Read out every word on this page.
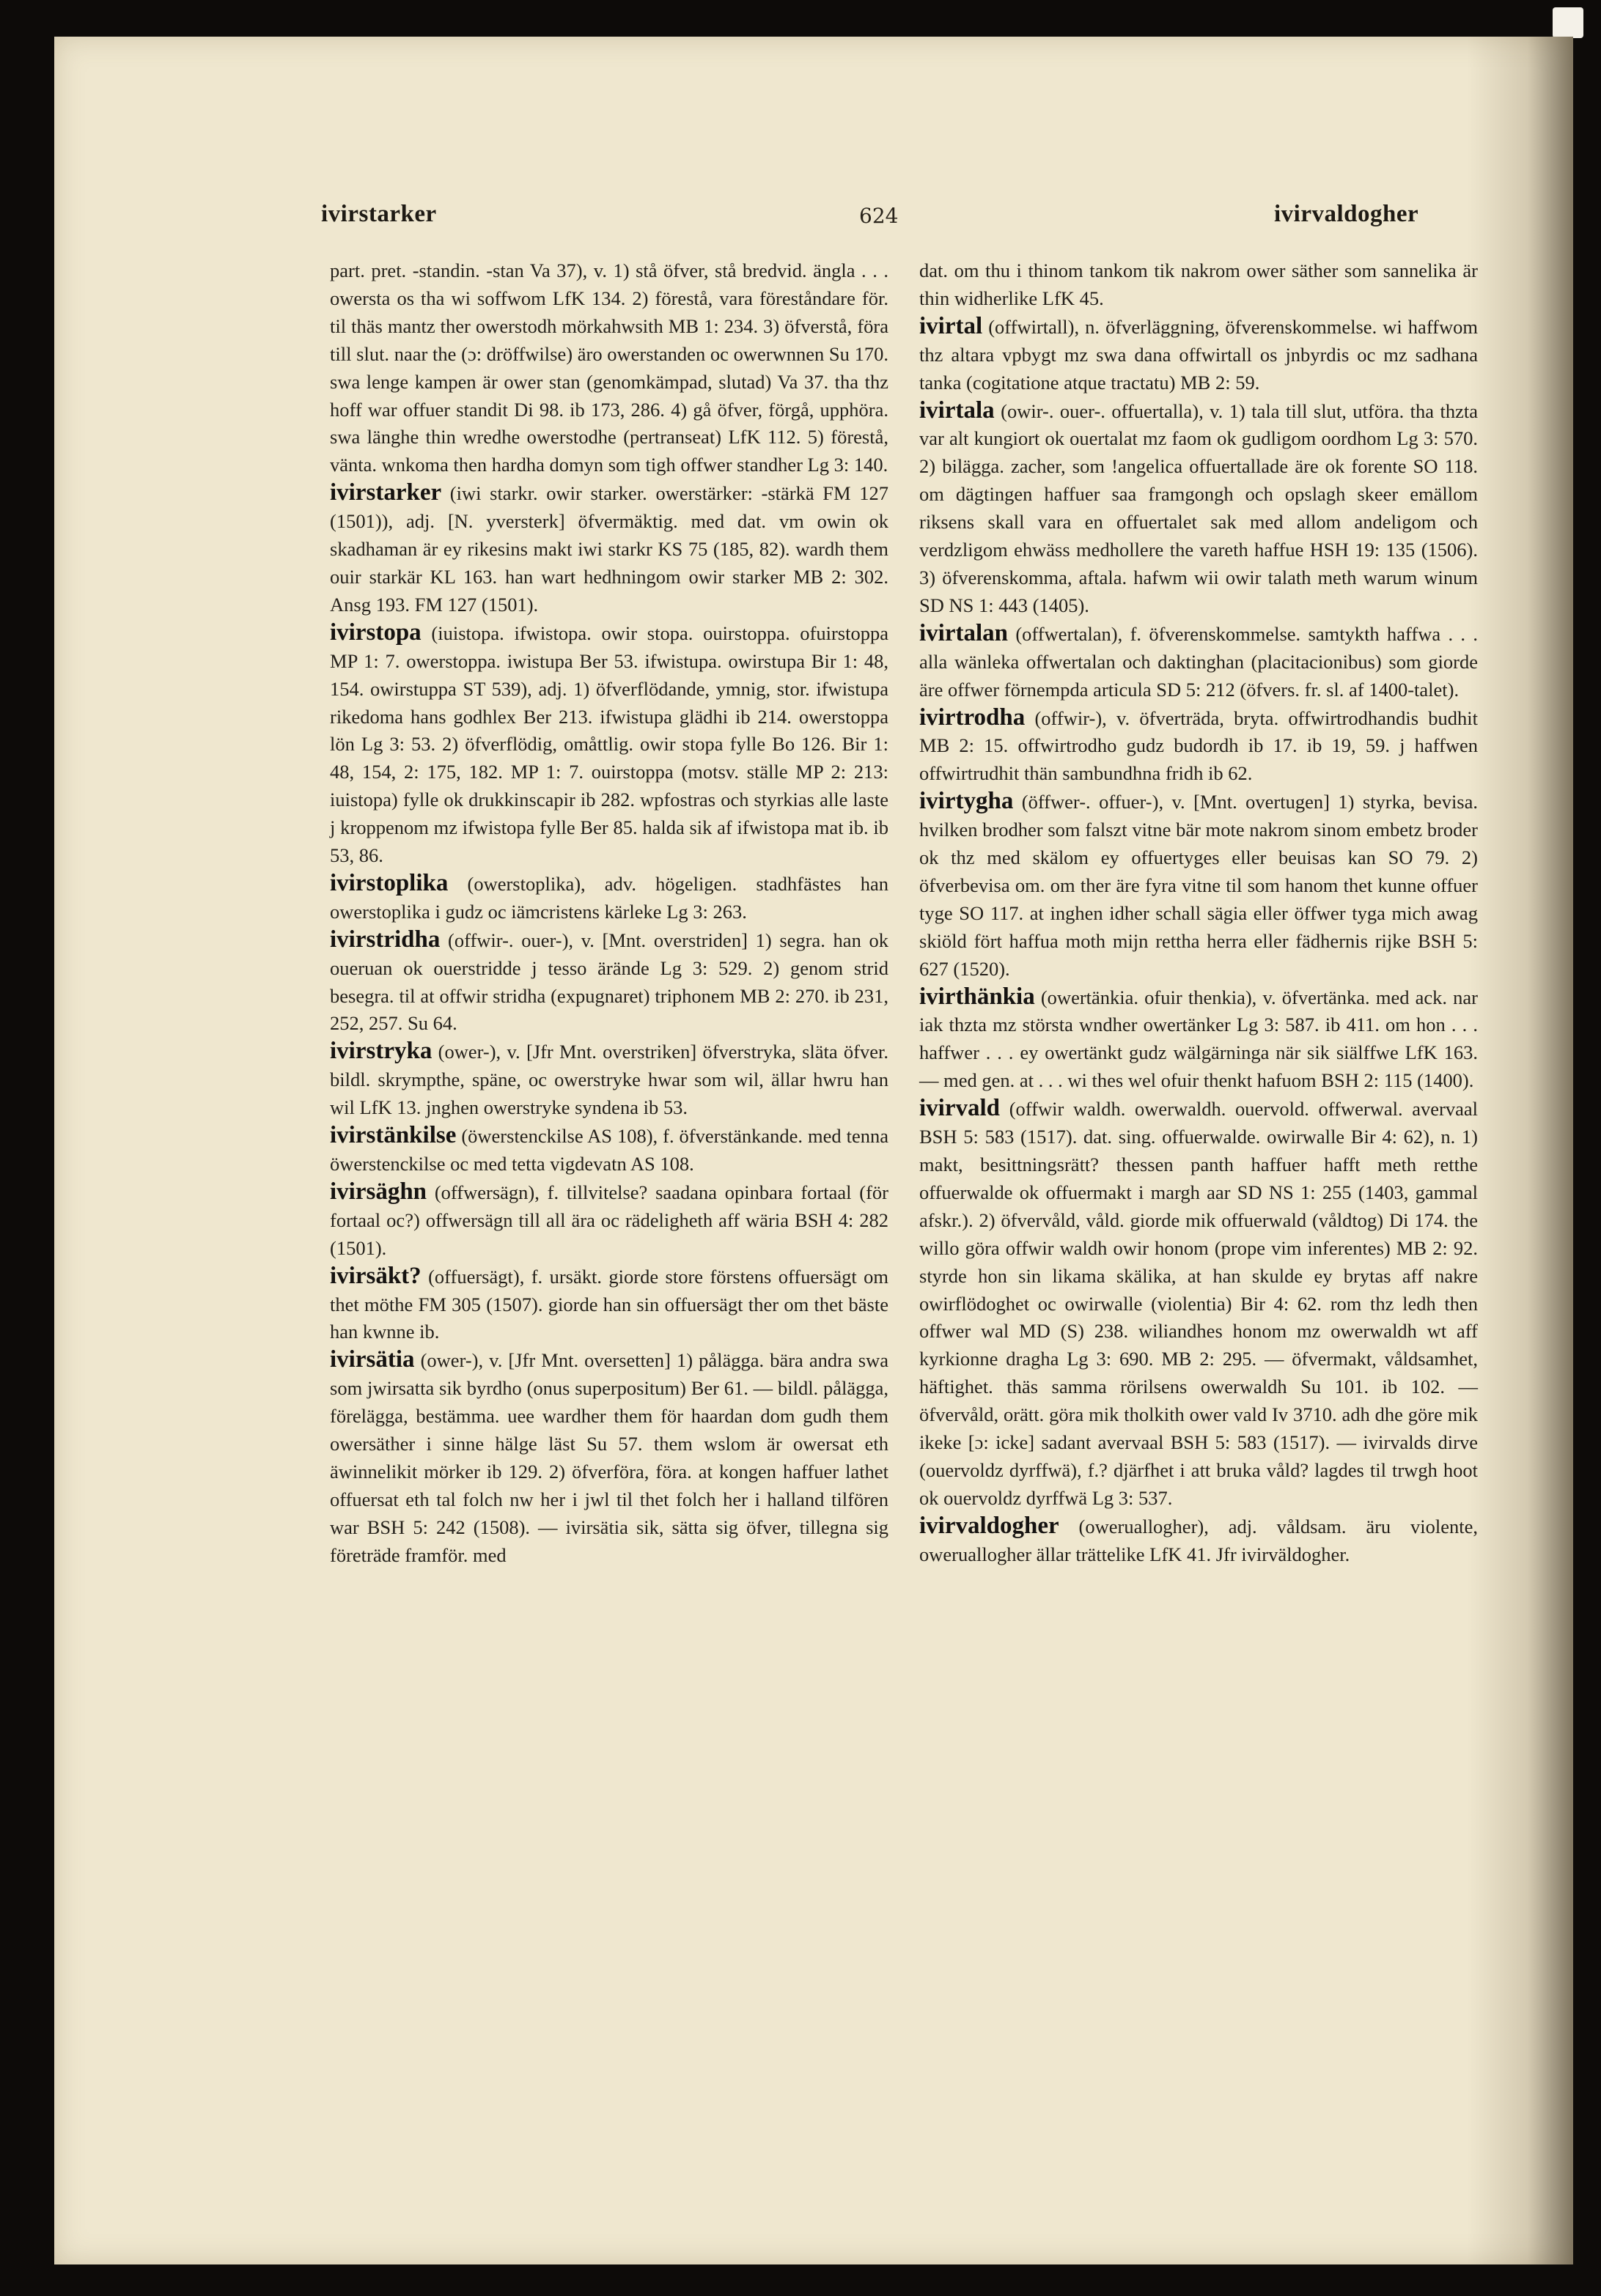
ivirstarker	624	ivirvaldogher

part. pret. -standin. -stan Va 37), v. 1) stå öfver, stå bredvid. ängla . . . owersta os tha wi soffwom LfK 134. 2) förestå, vara föreståndare för. til thäs mantz ther owerstodh mörkahwsith MB 1: 234. 3) öfverstå, föra till slut. naar the (ɔ: dröffwilse) äro owerstanden oc owerwnnen Su 170. swa lenge kampen är ower stan (genomkämpad, slutad) Va 37. tha thz hoff war offuer standit Di 98. ib 173, 286. 4) gå öfver, förgå, upphöra. swa länghe thin wredhe owerstodhe (pertranseat) LfK 112. 5) förestå, vänta. wnkoma then hardha domyn som tigh offwer standher Lg 3: 140.

ivirstarker (iwi starkr. owir starker. owerstärker: -stärkä FM 127 (1501)), adj. [N. yversterk] öfvermäktig. med dat. vm owin ok skadhaman är ey rikesins makt iwi starkr KS 75 (185, 82). wardh them ouir starkär KL 163. han wart hedhningom owir starker MB 2: 302. Ansg 193. FM 127 (1501).

ivirstopa (iuistopa. ifwistopa. owir stopa. ouirstoppa. ofuirstoppa MP 1: 7. owerstoppa. iwistupa Ber 53. ifwistupa. owirstupa Bir 1: 48, 154. owirstuppa ST 539), adj. 1) öfverflödande, ymnig, stor. ifwistupa rikedoma hans godhlex Ber 213. ifwistupa glädhi ib 214. owerstoppa lön Lg 3: 53. 2) öfverflödig, omåttlig. owir stopa fylle Bo 126. Bir 1: 48, 154, 2: 175, 182. MP 1: 7. ouirstoppa (motsv. ställe MP 2: 213: iuistopa) fylle ok drukkinscapir ib 282. wpfostras och styrkias alle laste j kroppenom mz ifwistopa fylle Ber 85. halda sik af ifwistopa mat ib. ib 53, 86.

ivirstoplika (owerstoplika), adv. högeligen. stadhfästes han owerstoplika i gudz oc iämcristens kärleke Lg 3: 263.

ivirstridha (offwir-. ouer-), v. [Mnt. overstriden] 1) segra. han ok oueruan ok ouerstridde j tesso ärände Lg 3: 529. 2) genom strid besegra. til at offwir stridha (expugnaret) triphonem MB 2: 270. ib 231, 252, 257. Su 64.

ivirstryka (ower-), v. [Jfr Mnt. overstriken] öfverstryka, släta öfver. bildl. skrympthe, späne, oc owerstryke hwar som wil, ällar hwru han wil LfK 13. jnghen owerstryke syndena ib 53.

ivirstänkilse (öwerstenckilse AS 108), f. öfverstänkande. med tenna öwerstenckilse oc med tetta vigdevatn AS 108.

ivirsäghn (offwersägn), f. tillvitelse? saadana opinbara fortaal (för fortaal oc?) offwersägn till all ära oc rädeligheth aff wäria BSH 4: 282 (1501).

ivirsäkt? (offuersägt), f. ursäkt. giorde store förstens offuersägt om thet möthe FM 305 (1507). giorde han sin offuersägt ther om thet bäste han kwnne ib.

ivirsätia (ower-), v. [Jfr Mnt. oversetten] 1) pålägga. bära andra swa som jwirsatta sik byrdho (onus superpositum) Ber 61. — bildl. pålägga, förelägga, bestämma. uee wardher them för haardan dom gudh them owersäther i sinne hälge läst Su 57. them wslom är owersat eth äwinnelikit mörker ib 129. 2) öfverföra, föra. at kongen haffuer lathet offuersat eth tal folch nw her i jwl til thet folch her i halland tilfören war BSH 5: 242 (1508). — ivirsätia sik, sätta sig öfver, tillegna sig företräde framför. med

dat. om thu i thinom tankom tik nakrom ower säther som sannelika är thin widherlike LfK 45.

ivirtal (offwirtall), n. öfverläggning, öfverenskommelse. wi haffwom thz altara vpbygt mz swa dana offwirtall os jnbyrdis oc mz sadhana tanka (cogitatione atque tractatu) MB 2: 59.

ivirtala (owir-. ouer-. offuertalla), v. 1) tala till slut, utföra. tha thzta var alt kungiort ok ouertalat mz faom ok gudligom oordhom Lg 3: 570. 2) bilägga. zacher, som !angelica offuertallade äre ok forente SO 118. om dägtingen haffuer saa framgongh och opslagh skeer emällom riksens skall vara en offuertalet sak med allom andeligom och verdzligom ehwäss medhollere the vareth haffue HSH 19: 135 (1506). 3) öfverenskomma, aftala. hafwm wii owir talath meth warum winum SD NS 1: 443 (1405).

ivirtalan (offwertalan), f. öfverenskommelse. samtykth haffwa . . . alla wänleka offwertalan och daktinghan (placitacionibus) som giorde äre offwer förnempda articula SD 5: 212 (öfvers. fr. sl. af 1400-talet).

ivirtrodha (offwir-), v. öfverträda, bryta. offwirtrodhandis budhit MB 2: 15. offwirtrodho gudz budordh ib 17. ib 19, 59. j haffwen offwirtrudhit thän sambundhna fridh ib 62.

ivirtygha (öffwer-. offuer-), v. [Mnt. overtugen] 1) styrka, bevisa. hvilken brodher som falszt vitne bär mote nakrom sinom embetz broder ok thz med skälom ey offuertyges eller beuisas kan SO 79. 2) öfverbevisa om. om ther äre fyra vitne til som hanom thet kunne offuer tyge SO 117. at inghen idher schall sägia eller öffwer tyga mich awag skiöld fört haffua moth mijn rettha herra eller fädhernis rijke BSH 5: 627 (1520).

ivirthänkia (owertänkia. ofuir thenkia), v. öfvertänka. med ack. nar iak thzta mz största wndher owertänker Lg 3: 587. ib 411. om hon . . . haffwer . . . ey owertänkt gudz wälgärninga när sik siälffwe LfK 163. — med gen. at . . . wi thes wel ofuir thenkt hafuom BSH 2: 115 (1400).

ivirvald (offwir waldh. owerwaldh. ouervold. offwerwal. avervaal BSH 5: 583 (1517). dat. sing. offuerwalde. owirwalle Bir 4: 62), n. 1) makt, besittningsrätt? thessen panth haffuer hafft meth retthe offuerwalde ok offuermakt i margh aar SD NS 1: 255 (1403, gammal afskr.). 2) öfvervåld, våld. giorde mik offuerwald (våldtog) Di 174. the willo göra offwir waldh owir honom (prope vim inferentes) MB 2: 92. styrde hon sin likama skälika, at han skulde ey brytas aff nakre owirflödoghet oc owirwalle (violentia) Bir 4: 62. rom thz ledh then offwer wal MD (S) 238. wiliandhes honom mz owerwaldh wt aff kyrkionne dragha Lg 3: 690. MB 2: 295. — öfvermakt, våldsamhet, häftighet. thäs samma rörilsens owerwaldh Su 101. ib 102. — öfvervåld, orätt. göra mik tholkith ower vald Iv 3710. adh dhe göre mik ikeke [ɔ: icke] sadant avervaal BSH 5: 583 (1517). — ivirvalds dirve (ouervoldz dyrffwä), f.? djärfhet i att bruka våld? lagdes til trwgh hoot ok ouervoldz dyrffwä Lg 3: 537.

ivirvaldogher (oweruallogher), adj. våldsam. äru violente, oweruallogher ällar trättelike LfK 41. Jfr ivirväldogher.
